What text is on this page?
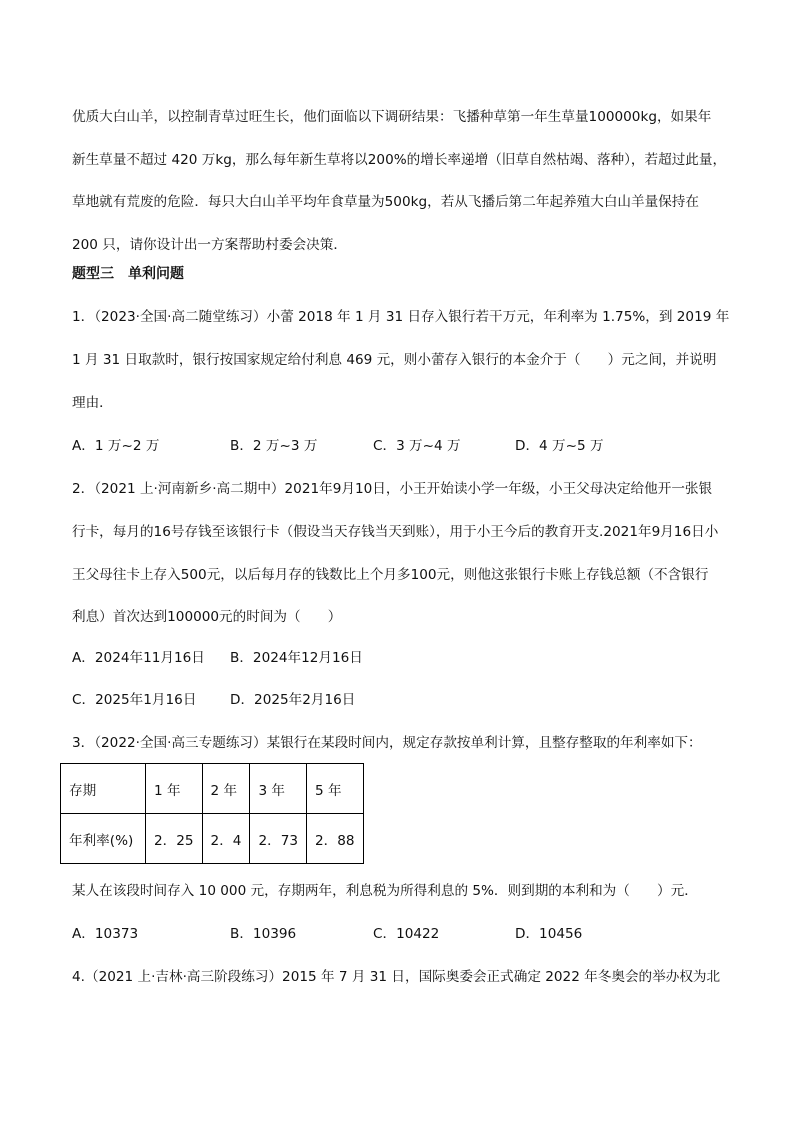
优质大白山羊，以控制青草过旺生长，他们面临以下调研结果：飞播种草第一年生草量100000kg，如果年
新生草量不超过 420 万kg，那么每年新生草将以200%的增长率递增（旧草自然枯竭、落种），若超过此量，
草地就有荒废的危险．每只大白山羊平均年食草量为500kg，若从飞播后第二年起养殖大白山羊量保持在
200 只，请你设计出一方案帮助村委会决策．
题型三　单利问题
1．（2023·全国·高二随堂练习）小蕾 2018 年 1 月 31 日存入银行若干万元，年利率为 1.75%，到 2019 年
1 月 31 日取款时，银行按国家规定给付利息 469 元，则小蕾存入银行的本金介于（　　）元之间，并说明
理由．
A．1 万~2 万	B．2 万~3 万	C．3 万~4 万	D．4 万~5 万
2．（2021 上·河南新乡·高二期中）2021年9月10日，小王开始读小学一年级，小王父母决定给他开一张银
行卡，每月的16号存钱至该银行卡（假设当天存钱当天到账），用于小王今后的教育开支.2021年9月16日小
王父母往卡上存入500元，以后每月存的钱数比上个月多100元，则他这张银行卡账上存钱总额（不含银行
利息）首次达到100000元的时间为（　　）
A．2024年11月16日 B．2024年12月16日
C．2025年1月16日 D．2025年2月16日
3．（2022·全国·高三专题练习）某银行在某段时间内，规定存款按单利计算，且整存整取的年利率如下：
存期	1 年	2 年	3 年	5 年
年利率(%)	2．25	2．4	2．73	2．88
某人在该段时间存入 10 000 元，存期两年，利息税为所得利息的 5%．则到期的本利和为（　　）元．
A．10373	B．10396	C．10422	D．10456
4.（2021 上·吉林·高三阶段练习）2015 年 7 月 31 日，国际奥委会正式确定 2022 年冬奥会的举办权为北
